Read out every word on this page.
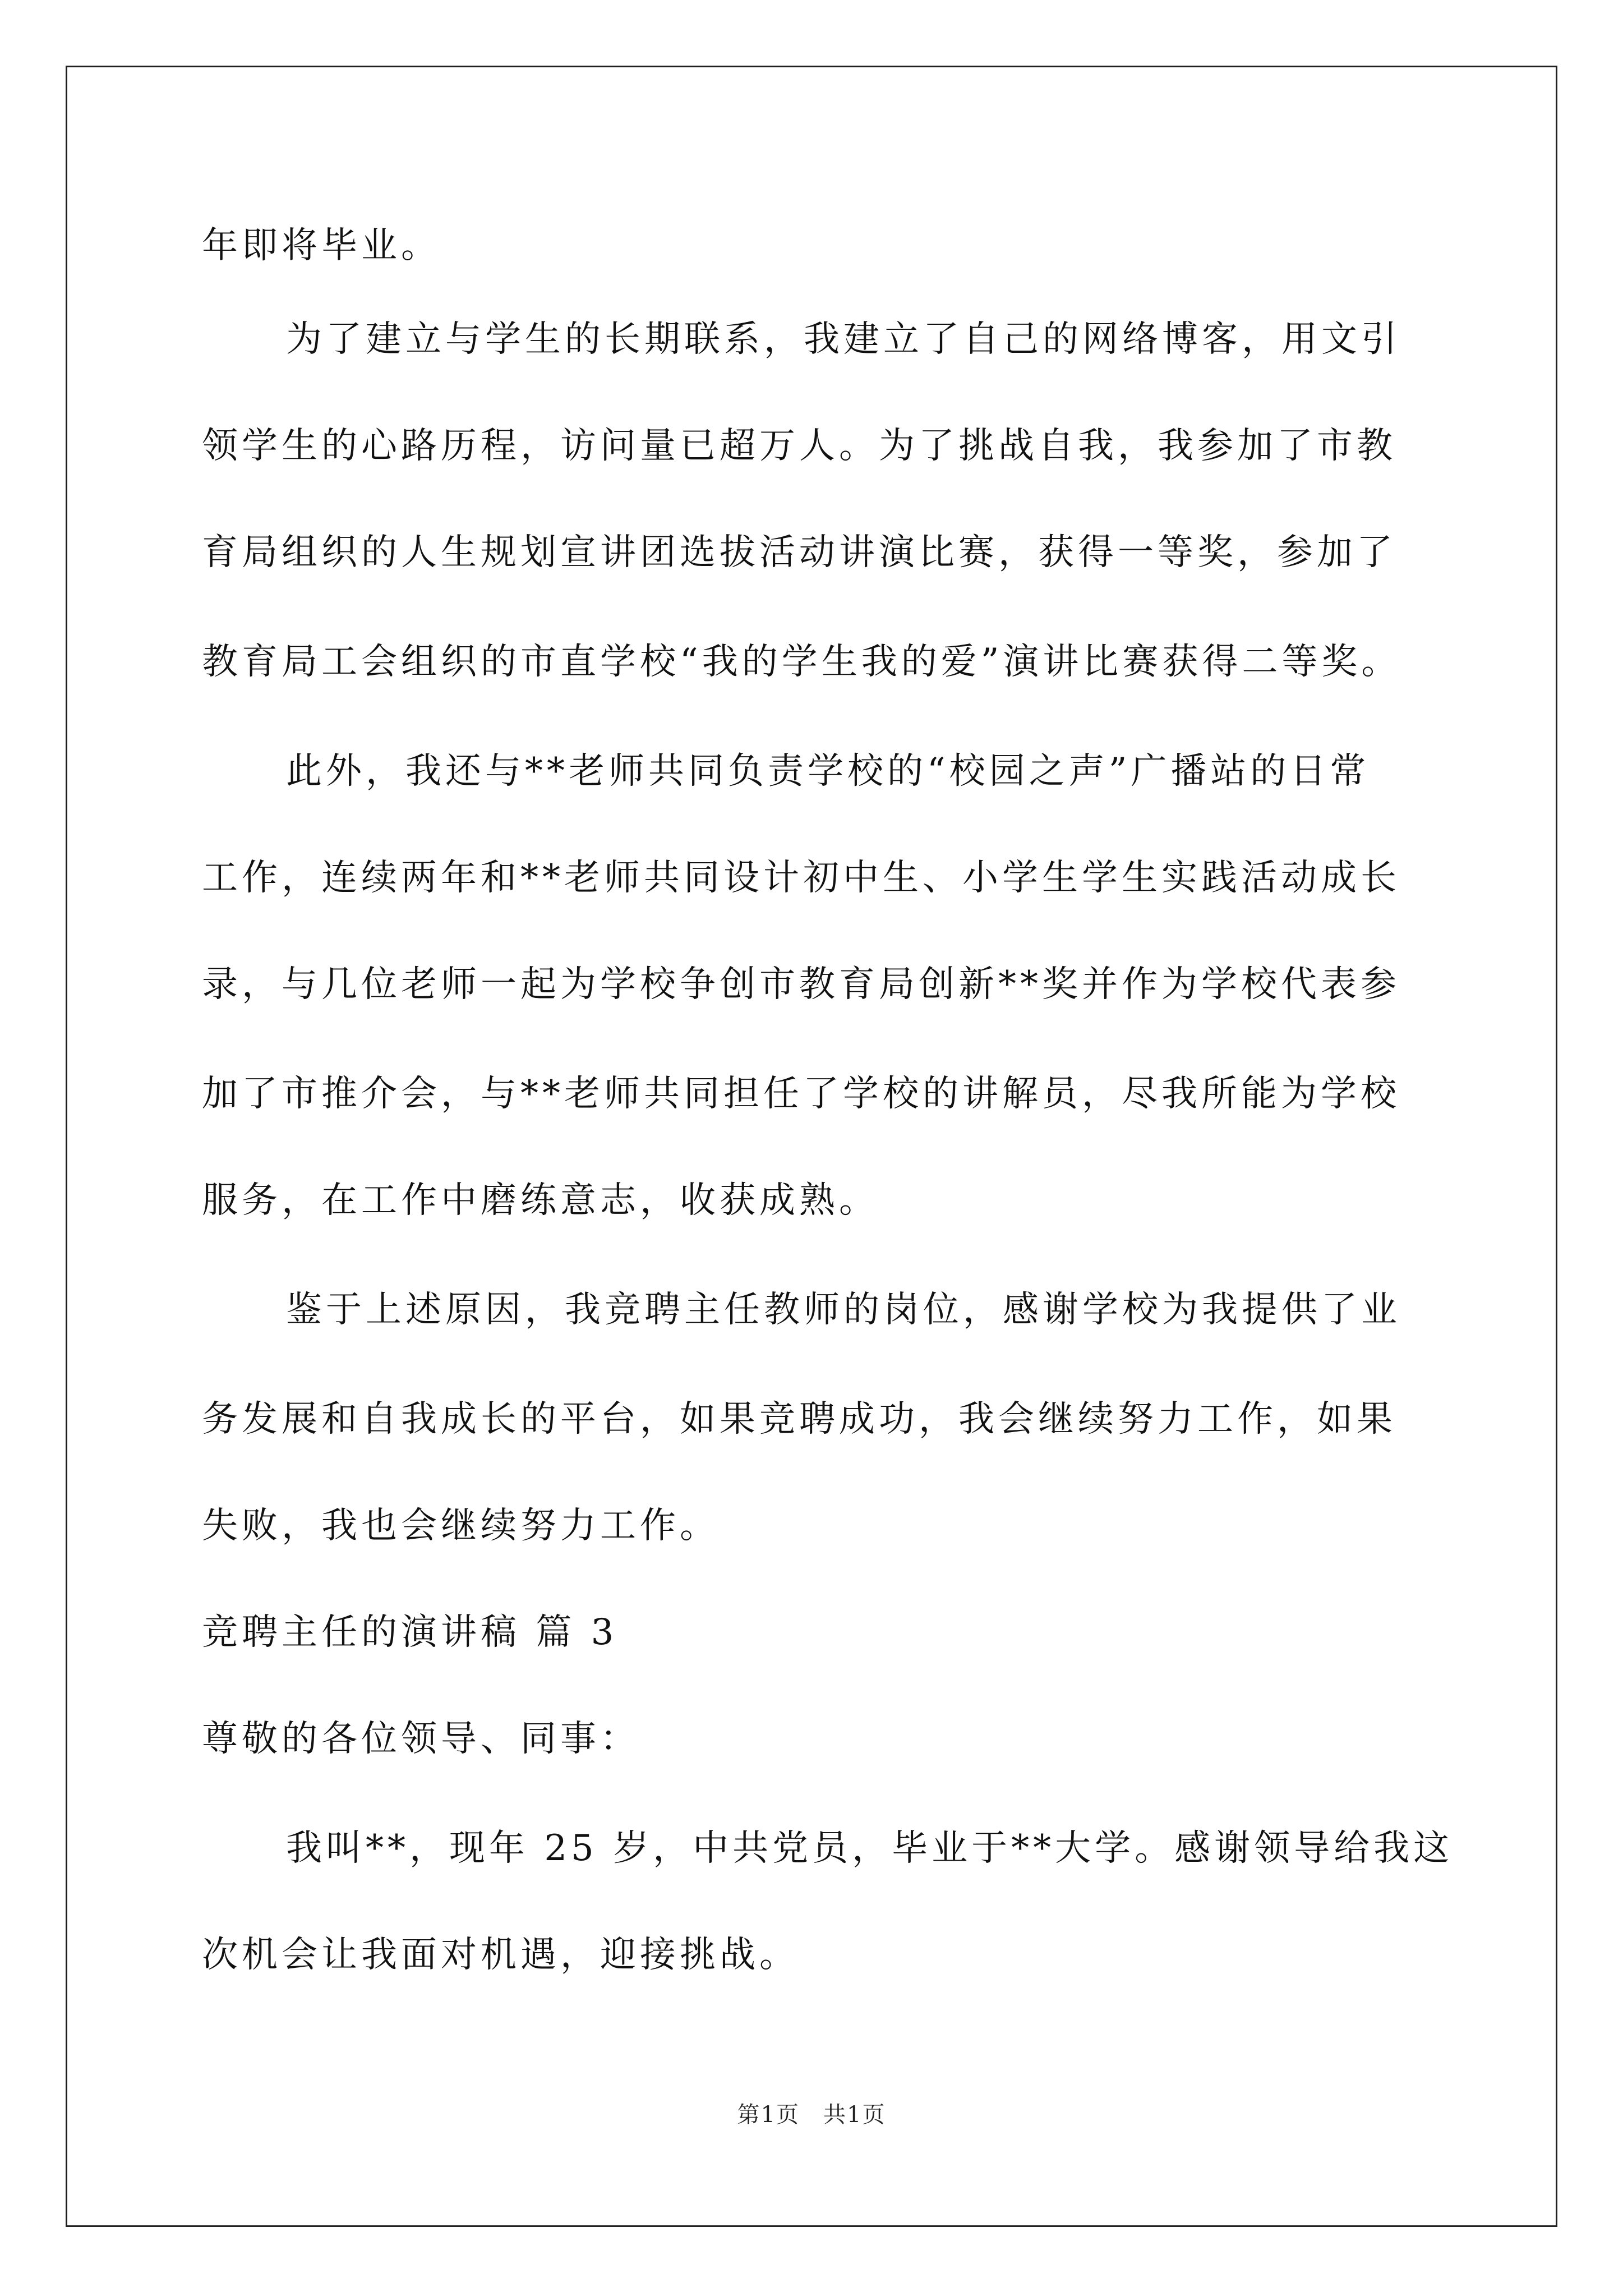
年即将毕业。
为了建立与学生的长期联系，我建立了自己的网络博客，用文引
领学生的心路历程，访问量已超万人。为了挑战自我，我参加了市教
育局组织的人生规划宣讲团选拔活动讲演比赛，获得一等奖，参加了
教育局工会组织的市直学校“我的学生我的爱”演讲比赛获得二等奖。
此外，我还与**老师共同负责学校的“校园之声”广播站的日常
工作，连续两年和**老师共同设计初中生、小学生学生实践活动成长
录，与几位老师一起为学校争创市教育局创新**奖并作为学校代表参
加了市推介会，与**老师共同担任了学校的讲解员，尽我所能为学校
服务，在工作中磨练意志，收获成熟。
鉴于上述原因，我竞聘主任教师的岗位，感谢学校为我提供了业
务发展和自我成长的平台，如果竞聘成功，我会继续努力工作，如果
失败，我也会继续努力工作。
竞聘主任的演讲稿 篇 3
尊敬的各位领导、同事：
我叫**，现年 25 岁，中共党员，毕业于**大学。感谢领导给我这
次机会让我面对机遇，迎接挑战。
第1页　共1页
